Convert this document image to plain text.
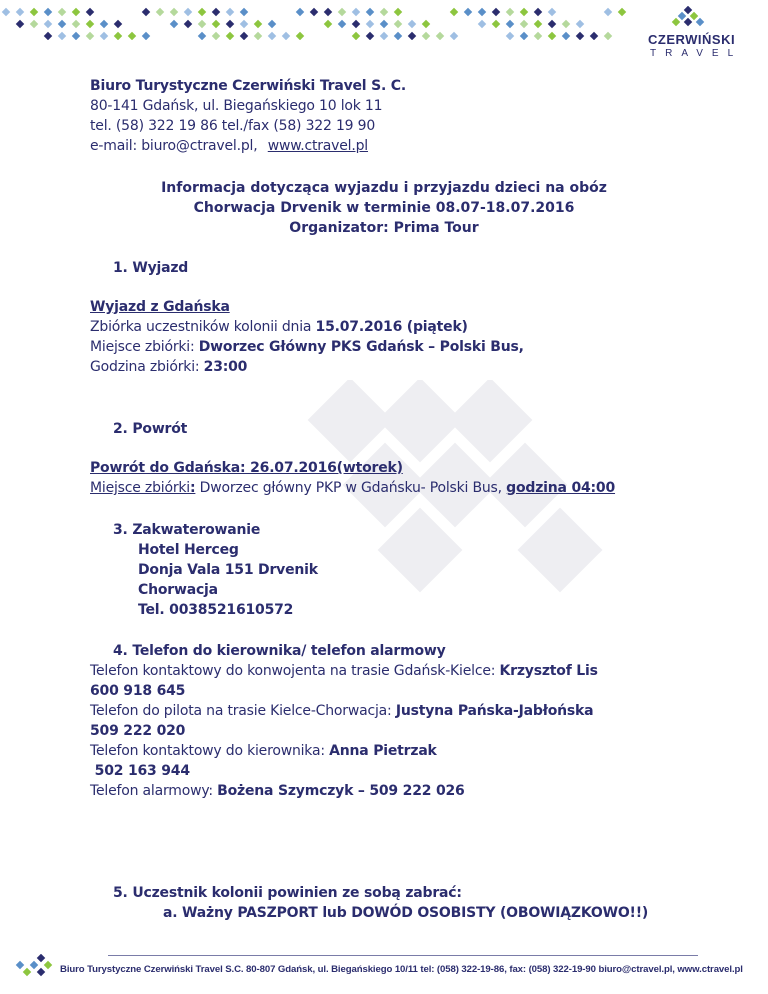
CZERWIŃSKI
TRAVEL
Biuro Turystyczne Czerwiński Travel S. C.
80-141 Gdańsk, ul. Biegańskiego 10 lok 11
tel. (58) 322 19 86 tel./fax (58) 322 19 90
e-mail: biuro@ctravel.pl, www.ctravel.pl
Informacja dotycząca wyjazdu i przyjazdu dzieci na obóz
Chorwacja Drvenik w terminie 08.07-18.07.2016
Organizator: Prima Tour
1. Wyjazd
Wyjazd z Gdańska
Zbiórka uczestników kolonii dnia 15.07.2016 (piątek)
Miejsce zbiórki: Dworzec Główny PKS Gdańsk – Polski Bus,
Godzina zbiórki: 23:00
2. Powrót
Powrót do Gdańska: 26.07.2016(wtorek)
Miejsce zbiórki: Dworzec główny PKP w Gdańsku- Polski Bus, godzina 04:00
3. Zakwaterowanie
Hotel Herceg
Donja Vala 151 Drvenik
Chorwacja
Tel. 0038521610572
4. Telefon do kierownika/ telefon alarmowy
Telefon kontaktowy do konwojenta na trasie Gdańsk-Kielce: Krzysztof Lis
600 918 645
Telefon do pilota na trasie Kielce-Chorwacja: Justyna Pańska-Jabłońska
509 222 020
Telefon kontaktowy do kierownika: Anna Pietrzak
502 163 944
Telefon alarmowy: Bożena Szymczyk – 509 222 026
5. Uczestnik kolonii powinien ze sobą zabrać:
a. Ważny PASZPORT lub DOWÓD OSOBISTY (OBOWIĄZKOWO!!)
Biuro Turystyczne Czerwiński Travel S.C. 80-807 Gdańsk, ul. Biegańskiego 10/11 tel: (058) 322-19-86, fax: (058) 322-19-90 biuro@ctravel.pl, www.ctravel.pl
